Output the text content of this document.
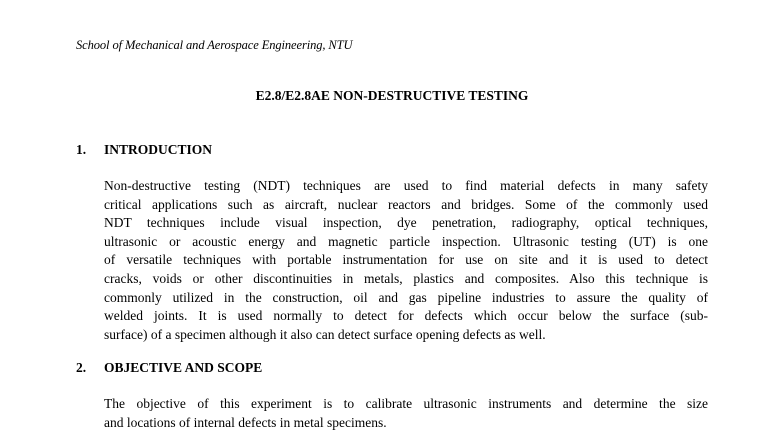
School of Mechanical and Aerospace Engineering, NTU
E2.8/E2.8AE NON-DESTRUCTIVE TESTING
1. INTRODUCTION
Non-destructive testing (NDT) techniques are used to find material defects in many safety
critical applications such as aircraft, nuclear reactors and bridges. Some of the commonly used
NDT techniques include visual inspection, dye penetration, radiography, optical techniques,
ultrasonic or acoustic energy and magnetic particle inspection. Ultrasonic testing (UT) is one
of versatile techniques with portable instrumentation for use on site and it is used to detect
cracks, voids or other discontinuities in metals, plastics and composites. Also this technique is
commonly utilized in the construction, oil and gas pipeline industries to assure the quality of
welded joints. It is used normally to detect for defects which occur below the surface (sub-
surface) of a specimen although it also can detect surface opening defects as well.
2. OBJECTIVE AND SCOPE
The objective of this experiment is to calibrate ultrasonic instruments and determine the size
and locations of internal defects in metal specimens.
